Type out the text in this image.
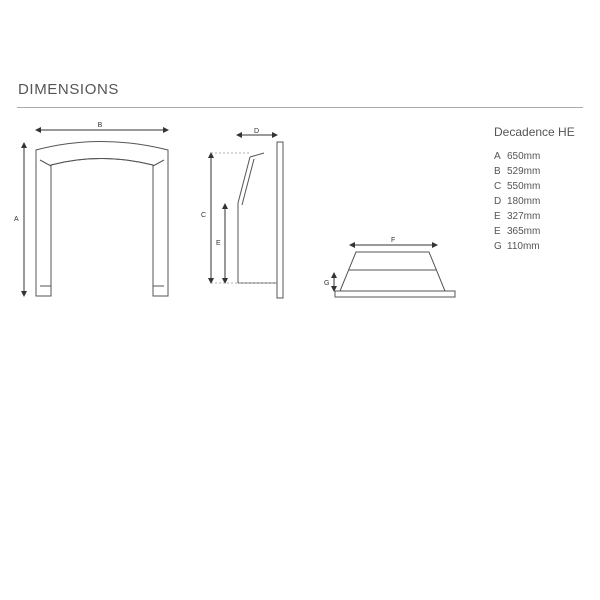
DIMENSIONS
B
A
D
C
E	F
G
Decadence HE
A 650mm
B 529mm
C 550mm
D 180mm
E 327mm
E 365mm
G 110mm
